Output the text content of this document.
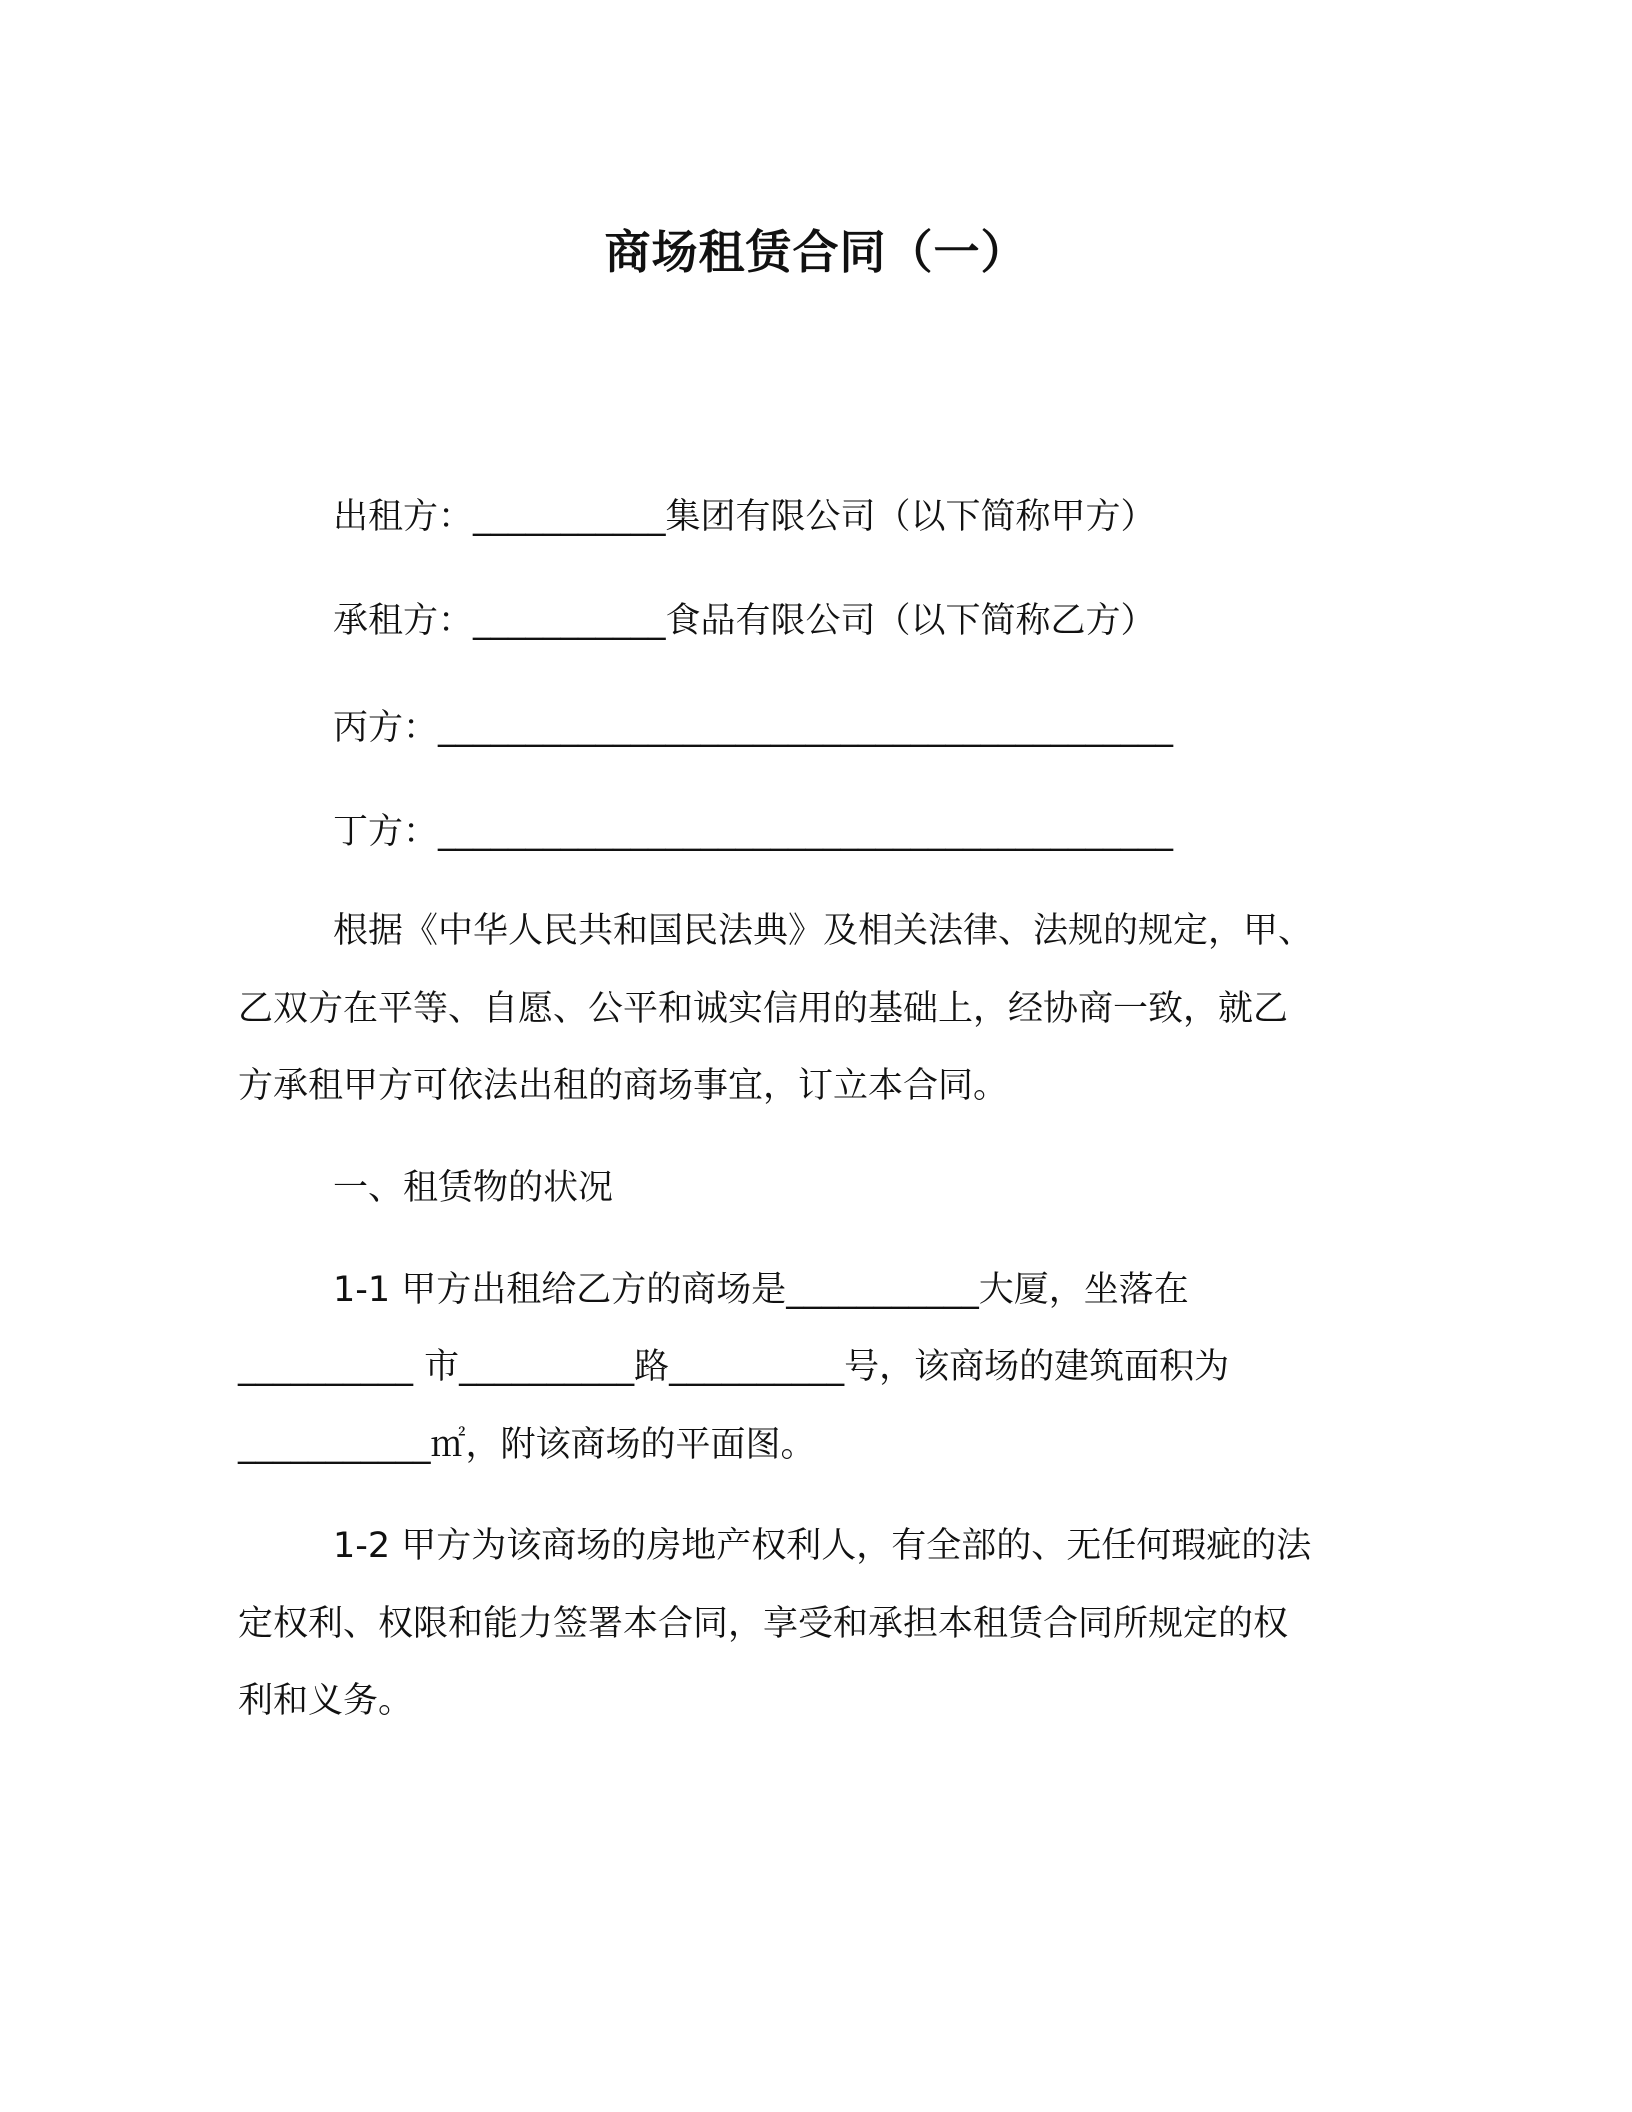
商场租赁合同（一）
出租方：___________集团有限公司（以下简称甲方）
承租方：___________食品有限公司（以下简称乙方）
丙方：__________________________________________
丁方：__________________________________________
根据《中华人民共和国民法典》及相关法律、法规的规定，甲、
乙双方在平等、自愿、公平和诚实信用的基础上，经协商一致，就乙
方承租甲方可依法出租的商场事宜，订立本合同。
一、租赁物的状况
1-1 甲方出租给乙方的商场是___________大厦，坐落在
__________ 市__________路__________号，该商场的建筑面积为
___________㎡，附该商场的平面图。
1-2 甲方为该商场的房地产权利人，有全部的、无任何瑕疵的法
定权利、权限和能力签署本合同，享受和承担本租赁合同所规定的权
利和义务。
